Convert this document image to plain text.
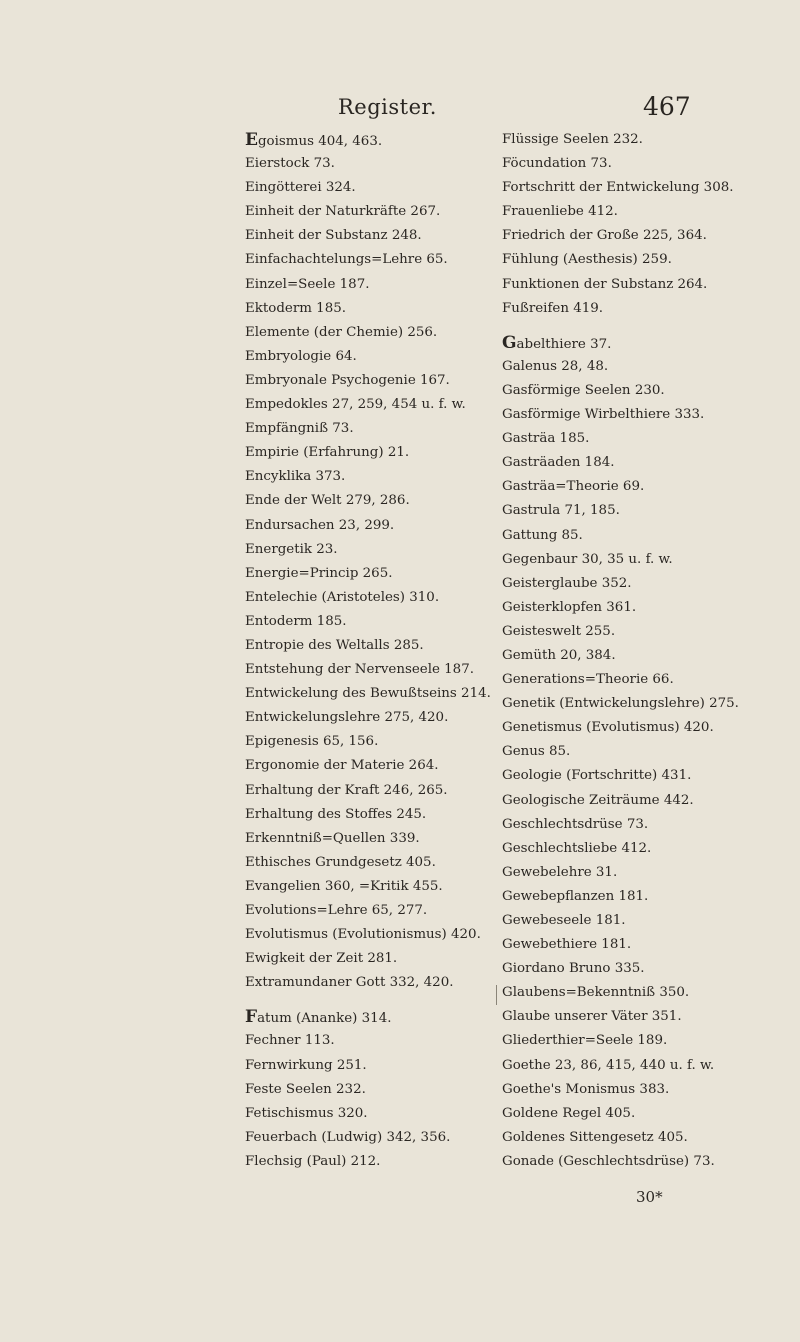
Register.	467
Egoismus 404, 463.
Eierstock 73.
Eingötterei 324.
Einheit der Naturkräfte 267.
Einheit der Substanz 248.
Einfachachtelungs=Lehre 65.
Einzel=Seele 187.
Ektoderm 185.
Elemente (der Chemie) 256.
Embryologie 64.
Embryonale Psychogenie 167.
Empedokles 27, 259, 454 u. f. w.
Empfängniß 73.
Empirie (Erfahrung) 21.
Encyklika 373.
Ende der Welt 279, 286.
Endursachen 23, 299.
Energetik 23.
Energie=Princip 265.
Entelechie (Aristoteles) 310.
Entoderm 185.
Entropie des Weltalls 285.
Entstehung der Nervenseele 187.
Entwickelung des Bewußtseins 214.
Entwickelungslehre 275, 420.
Epigenesis 65, 156.
Ergonomie der Materie 264.
Erhaltung der Kraft 246, 265.
Erhaltung des Stoffes 245.
Erkenntniß=Quellen 339.
Ethisches Grundgesetz 405.
Evangelien 360, =Kritik 455.
Evolutions=Lehre 65, 277.
Evolutismus (Evolutionismus) 420.
Ewigkeit der Zeit 281.
Extramundaner Gott 332, 420.
Fatum (Ananke) 314.
Fechner 113.
Fernwirkung 251.
Feste Seelen 232.
Fetischismus 320.
Feuerbach (Ludwig) 342, 356.
Flechsig (Paul) 212.
Flüssige Seelen 232.
Föcundation 73.
Fortschritt der Entwickelung 308.
Frauenliebe 412.
Friedrich der Große 225, 364.
Fühlung (Aesthesis) 259.
Funktionen der Substanz 264.
Fußreifen 419.
Gabelthiere 37.
Galenus 28, 48.
Gasförmige Seelen 230.
Gasförmige Wirbelthiere 333.
Gasträa 185.
Gasträaden 184.
Gasträa=Theorie 69.
Gastrula 71, 185.
Gattung 85.
Gegenbaur 30, 35 u. f. w.
Geisterglaube 352.
Geisterklopfen 361.
Geisteswelt 255.
Gemüth 20, 384.
Generations=Theorie 66.
Genetik (Entwickelungslehre) 275.
Genetismus (Evolutismus) 420.
Genus 85.
Geologie (Fortschritte) 431.
Geologische Zeiträume 442.
Geschlechtsdrüse 73.
Geschlechtsliebe 412.
Gewebelehre 31.
Gewebepflanzen 181.
Gewebeseele 181.
Gewebethiere 181.
Giordano Bruno 335.
Glaubens=Bekenntniß 350.
Glaube unserer Väter 351.
Gliederthier=Seele 189.
Goethe 23, 86, 415, 440 u. f. w.
Goethe's Monismus 383.
Goldene Regel 405.
Goldenes Sittengesetz 405.
Gonade (Geschlechtsdrüse) 73.
30*
